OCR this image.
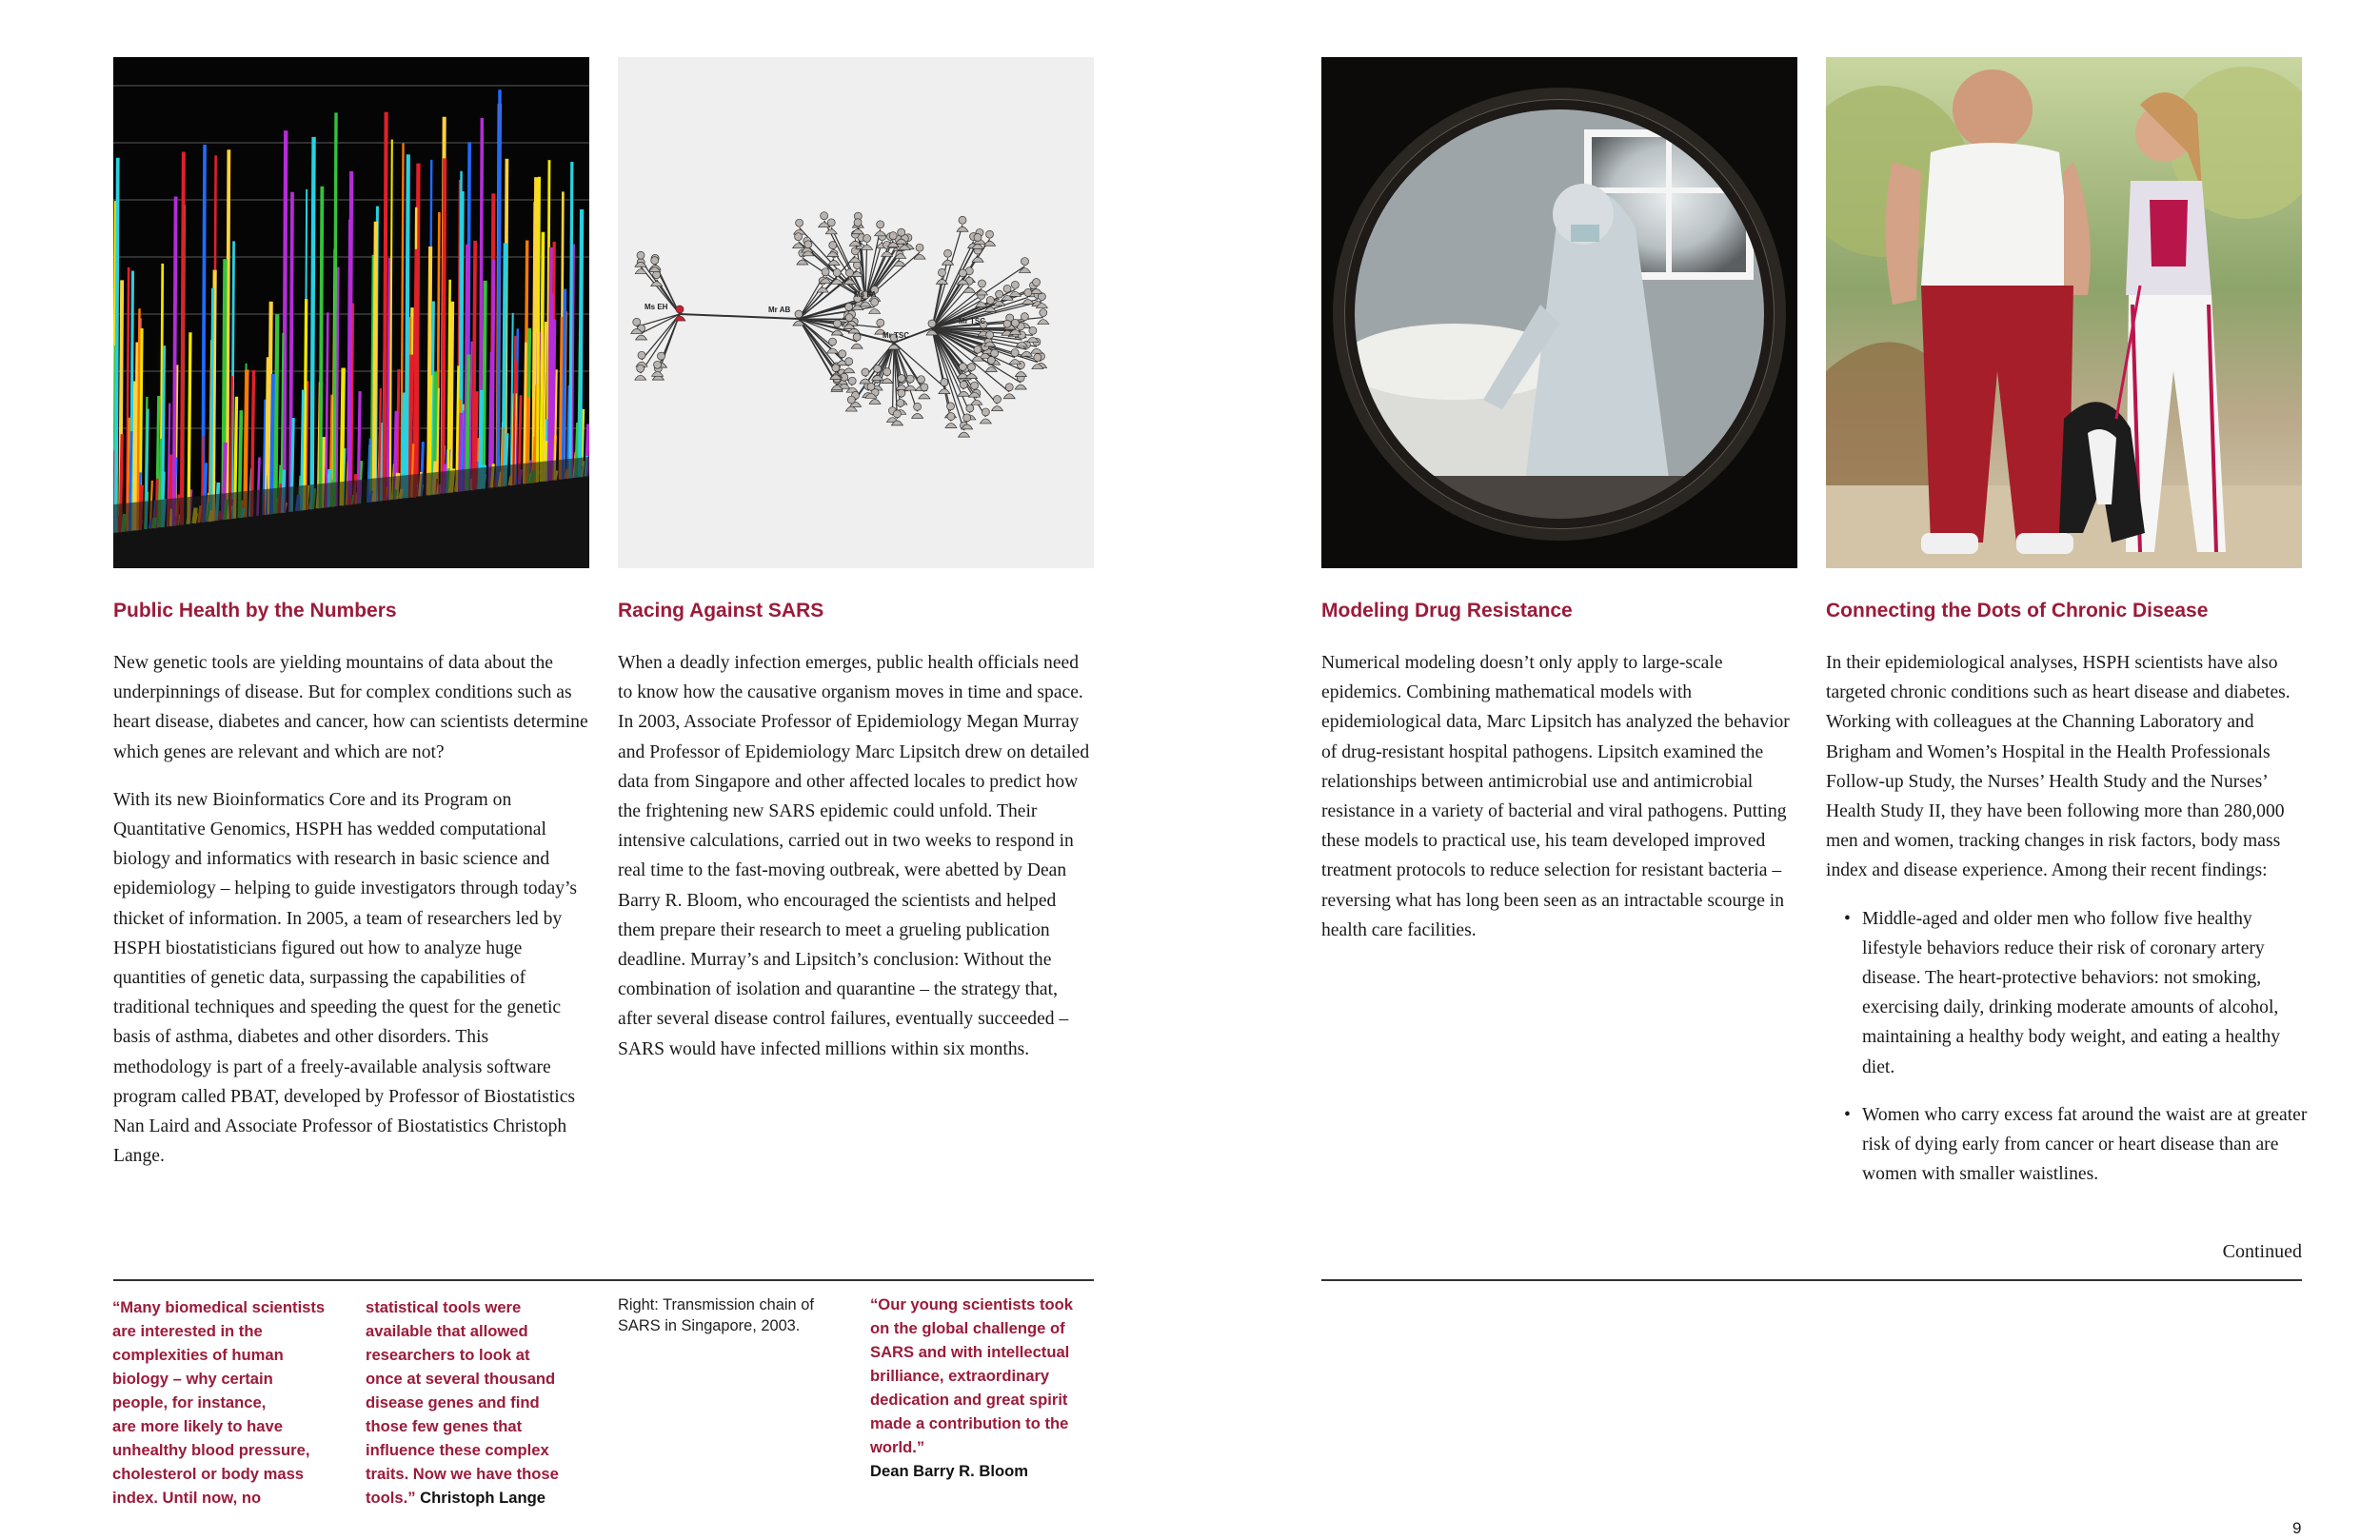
Public Health by the Numbers

New genetic tools are yielding mountains of data about the underpinnings of disease. But for complex conditions such as heart disease, diabetes and cancer, how can scientists determine which genes are relevant and which are not?

With its new Bioinformatics Core and its Program on Quantitative Genomics, HSPH has wedded computational biology and informatics with research in basic science and epidemiology – helping to guide investigators through today’s thicket of information. In 2005, a team of researchers led by HSPH biostatisticians figured out how to analyze huge quantities of genetic data, surpassing the capabilities of traditional techniques and speeding the quest for the genetic basis of asthma, diabetes and other disorders. This methodology is part of a freely-available analysis software program called PBAT, developed by Professor of Biostatistics Nan Laird and Associate Professor of Biostatistics Christoph Lange.

Ms EH	Mr AB
Ms FA
Mr TSC
Mr TSC
Racing Against SARS

When a deadly infection emerges, public health officials need to know how the causative organism moves in time and space. In 2003, Associate Professor of Epidemiology Megan Murray and Professor of Epidemiology Marc Lipsitch drew on detailed data from Singapore and other affected locales to predict how the frightening new SARS epidemic could unfold. Their intensive calculations, carried out in two weeks to respond in real time to the fast-moving outbreak, were abetted by Dean Barry R. Bloom, who encouraged the scientists and helped them prepare their research to meet a grueling publication deadline. Murray’s and Lipsitch’s conclusion: Without the combination of isolation and quarantine – the strategy that, after several disease control failures, eventually succeeded – SARS would have infected millions within six months.

Modeling Drug Resistance

Numerical modeling doesn’t only apply to large-scale epidemics. Combining mathematical models with epidemiological data, Marc Lipsitch has analyzed the behavior of drug-resistant hospital pathogens. Lipsitch examined the relationships between antimicrobial use and antimicrobial resistance in a variety of bacterial and viral pathogens. Putting these models to practical use, his team developed improved treatment protocols to reduce selection for resistant bacteria – reversing what has long been seen as an intractable scourge in health care facilities.

Connecting the Dots of Chronic Disease

In their epidemiological analyses, HSPH scientists have also targeted chronic conditions such as heart disease and diabetes. Working with colleagues at the Channing Laboratory and Brigham and Women’s Hospital in the Health Professionals Follow-up Study, the Nurses’ Health Study and the Nurses’ Health Study II, they have been following more than 280,000 men and women, tracking changes in risk factors, body mass index and disease experience. Among their recent findings:

• Middle-aged and older men who follow five healthy lifestyle behaviors reduce their risk of coronary artery disease. The heart-protective behaviors: not smoking, exercising daily, drinking moderate amounts of alcohol, maintaining a healthy body weight, and eating a healthy diet.
• Women who carry excess fat around the waist are at greater risk of dying early from cancer or heart disease than are women with smaller waistlines.
Continued
“Many biomedical scientists
are interested in the
complexities of human
biology – why certain
people, for instance,
are more likely to have
unhealthy blood pressure,
cholesterol or body mass
index. Until now, no
statistical tools were
available that allowed
researchers to look at
once at several thousand
disease genes and find
those few genes that
influence these complex
traits. Now we have those
tools.” Christoph Lange
Right: Transmission chain of
SARS in Singapore, 2003.
“Our young scientists took
on the global challenge of
SARS and with intellectual
brilliance, extraordinary
dedication and great spirit
made a contribution to the
world.”
Dean Barry R. Bloom
9
